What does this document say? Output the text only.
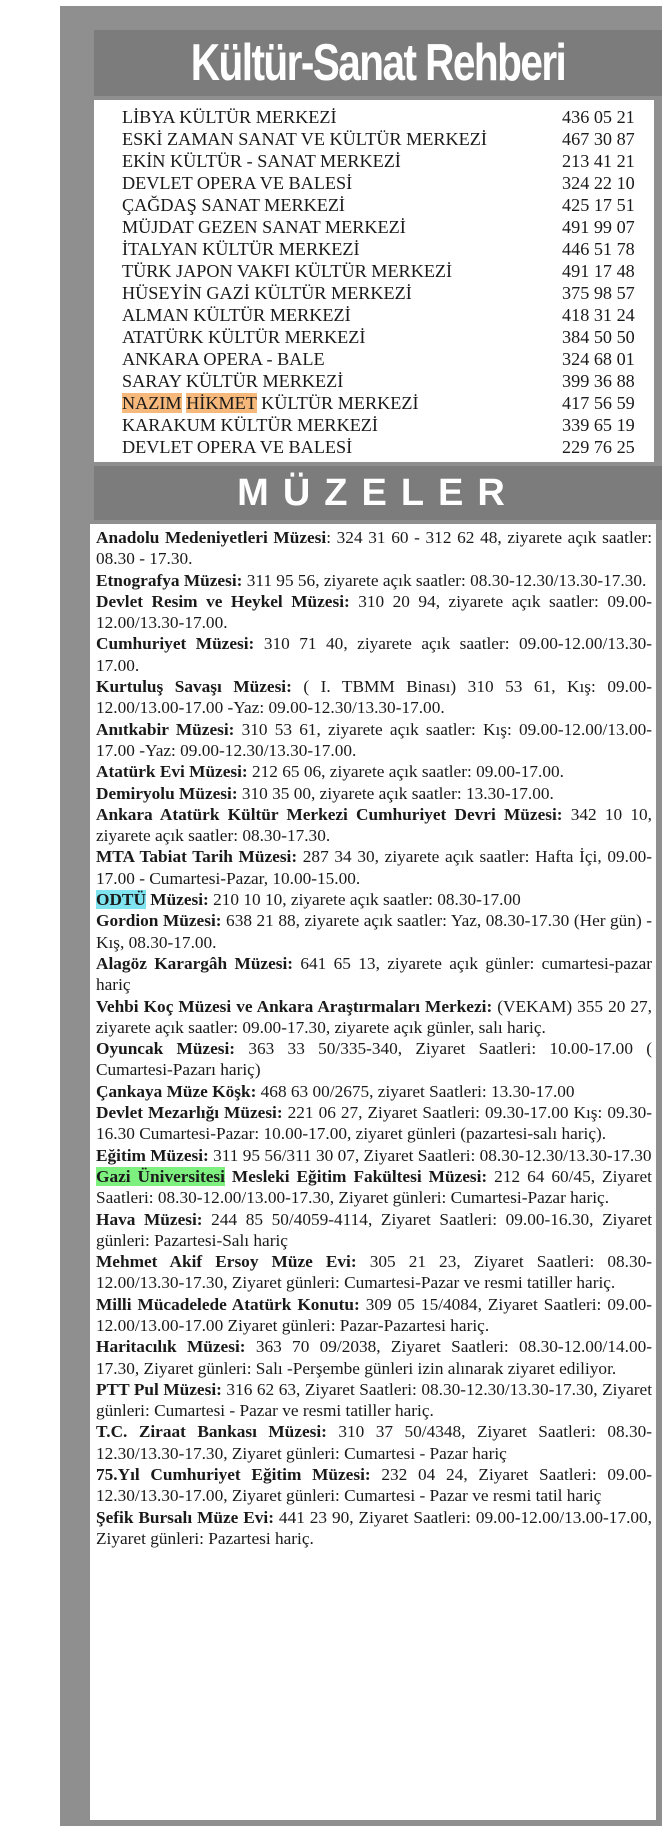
Kültür-Sanat Rehberi
LİBYA KÜLTÜR MERKEZİ	436 05 21
ESKİ ZAMAN SANAT VE KÜLTÜR MERKEZİ	467 30 87
EKİN KÜLTÜR - SANAT MERKEZİ	213 41 21
DEVLET OPERA VE BALESİ	324 22 10
ÇAĞDAŞ SANAT MERKEZİ	425 17 51
MÜJDAT GEZEN SANAT MERKEZİ	491 99 07
İTALYAN KÜLTÜR MERKEZİ	446 51 78
TÜRK JAPON VAKFI KÜLTÜR MERKEZİ	491 17 48
HÜSEYİN GAZİ KÜLTÜR MERKEZİ	375 98 57
ALMAN KÜLTÜR MERKEZİ	418 31 24
ATATÜRK KÜLTÜR MERKEZİ	384 50 50
ANKARA OPERA - BALE	324 68 01
SARAY KÜLTÜR MERKEZİ	399 36 88
NAZIM HİKMET KÜLTÜR MERKEZİ	417 56 59
KARAKUM KÜLTÜR MERKEZİ	339 65 19
DEVLET OPERA VE BALESİ	229 76 25
MÜZELER
Anadolu Medeniyetleri Müzesi: 324 31 60 - 312 62 48, ziyarete açık saatler: 08.30 - 17.30.
Etnografya Müzesi: 311 95 56, ziyarete açık saatler: 08.30-12.30/13.30-17.30.
Devlet Resim ve Heykel Müzesi: 310 20 94, ziyarete açık saatler: 09.00-12.00/13.30-17.00.
Cumhuriyet Müzesi: 310 71 40, ziyarete açık saatler: 09.00-12.00/13.30-17.00.
Kurtuluş Savaşı Müzesi: ( I. TBMM Binası) 310 53 61, Kış: 09.00-12.00/13.00-17.00 -Yaz: 09.00-12.30/13.30-17.00.
Anıtkabir Müzesi: 310 53 61, ziyarete açık saatler: Kış: 09.00-12.00/13.00-17.00 -Yaz: 09.00-12.30/13.30-17.00.
Atatürk Evi Müzesi: 212 65 06, ziyarete açık saatler: 09.00-17.00.
Demiryolu Müzesi: 310 35 00, ziyarete açık saatler: 13.30-17.00.
Ankara Atatürk Kültür Merkezi Cumhuriyet Devri Müzesi: 342 10 10, ziyarete açık saatler: 08.30-17.30.
MTA Tabiat Tarih Müzesi: 287 34 30, ziyarete açık saatler: Hafta İçi, 09.00-17.00 - Cumartesi-Pazar, 10.00-15.00.
ODTÜ Müzesi: 210 10 10, ziyarete açık saatler: 08.30-17.00
Gordion Müzesi: 638 21 88, ziyarete açık saatler: Yaz, 08.30-17.30 (Her gün) - Kış, 08.30-17.00.
Alagöz Karargâh Müzesi: 641 65 13, ziyarete açık günler: cumartesi-pazar hariç
Vehbi Koç Müzesi ve Ankara Araştırmaları Merkezi: (VEKAM) 355 20 27, ziyarete açık saatler: 09.00-17.30, ziyarete açık günler, salı hariç.
Oyuncak Müzesi: 363 33 50/335-340, Ziyaret Saatleri: 10.00-17.00 ( Cumartesi-Pazarı hariç)
Çankaya Müze Köşk: 468 63 00/2675, ziyaret Saatleri: 13.30-17.00
Devlet Mezarlığı Müzesi: 221 06 27, Ziyaret Saatleri: 09.30-17.00 Kış: 09.30-16.30 Cumartesi-Pazar: 10.00-17.00, ziyaret günleri (pazartesi-salı hariç).
Eğitim Müzesi: 311 95 56/311 30 07, Ziyaret Saatleri: 08.30-12.30/13.30-17.30
Gazi Üniversitesi Mesleki Eğitim Fakültesi Müzesi: 212 64 60/45, Ziyaret Saatleri: 08.30-12.00/13.00-17.30, Ziyaret günleri: Cumartesi-Pazar hariç.
Hava Müzesi: 244 85 50/4059-4114, Ziyaret Saatleri: 09.00-16.30, Ziyaret günleri: Pazartesi-Salı hariç
Mehmet Akif Ersoy Müze Evi: 305 21 23, Ziyaret Saatleri: 08.30-12.00/13.30-17.30, Ziyaret günleri: Cumartesi-Pazar ve resmi tatiller hariç.
Milli Mücadelede Atatürk Konutu: 309 05 15/4084, Ziyaret Saatleri: 09.00-12.00/13.00-17.00 Ziyaret günleri: Pazar-Pazartesi hariç.
Haritacılık Müzesi: 363 70 09/2038, Ziyaret Saatleri: 08.30-12.00/14.00-17.30, Ziyaret günleri: Salı -Perşembe günleri izin alınarak ziyaret ediliyor.
PTT Pul Müzesi: 316 62 63, Ziyaret Saatleri: 08.30-12.30/13.30-17.30, Ziyaret günleri: Cumartesi - Pazar ve resmi tatiller hariç.
T.C. Ziraat Bankası Müzesi: 310 37 50/4348, Ziyaret Saatleri: 08.30-12.30/13.30-17.30, Ziyaret günleri: Cumartesi - Pazar hariç
75.Yıl Cumhuriyet Eğitim Müzesi: 232 04 24, Ziyaret Saatleri: 09.00-12.30/13.30-17.00, Ziyaret günleri: Cumartesi - Pazar ve resmi tatil hariç
Şefik Bursalı Müze Evi: 441 23 90, Ziyaret Saatleri: 09.00-12.00/13.00-17.00, Ziyaret günleri: Pazartesi hariç.
